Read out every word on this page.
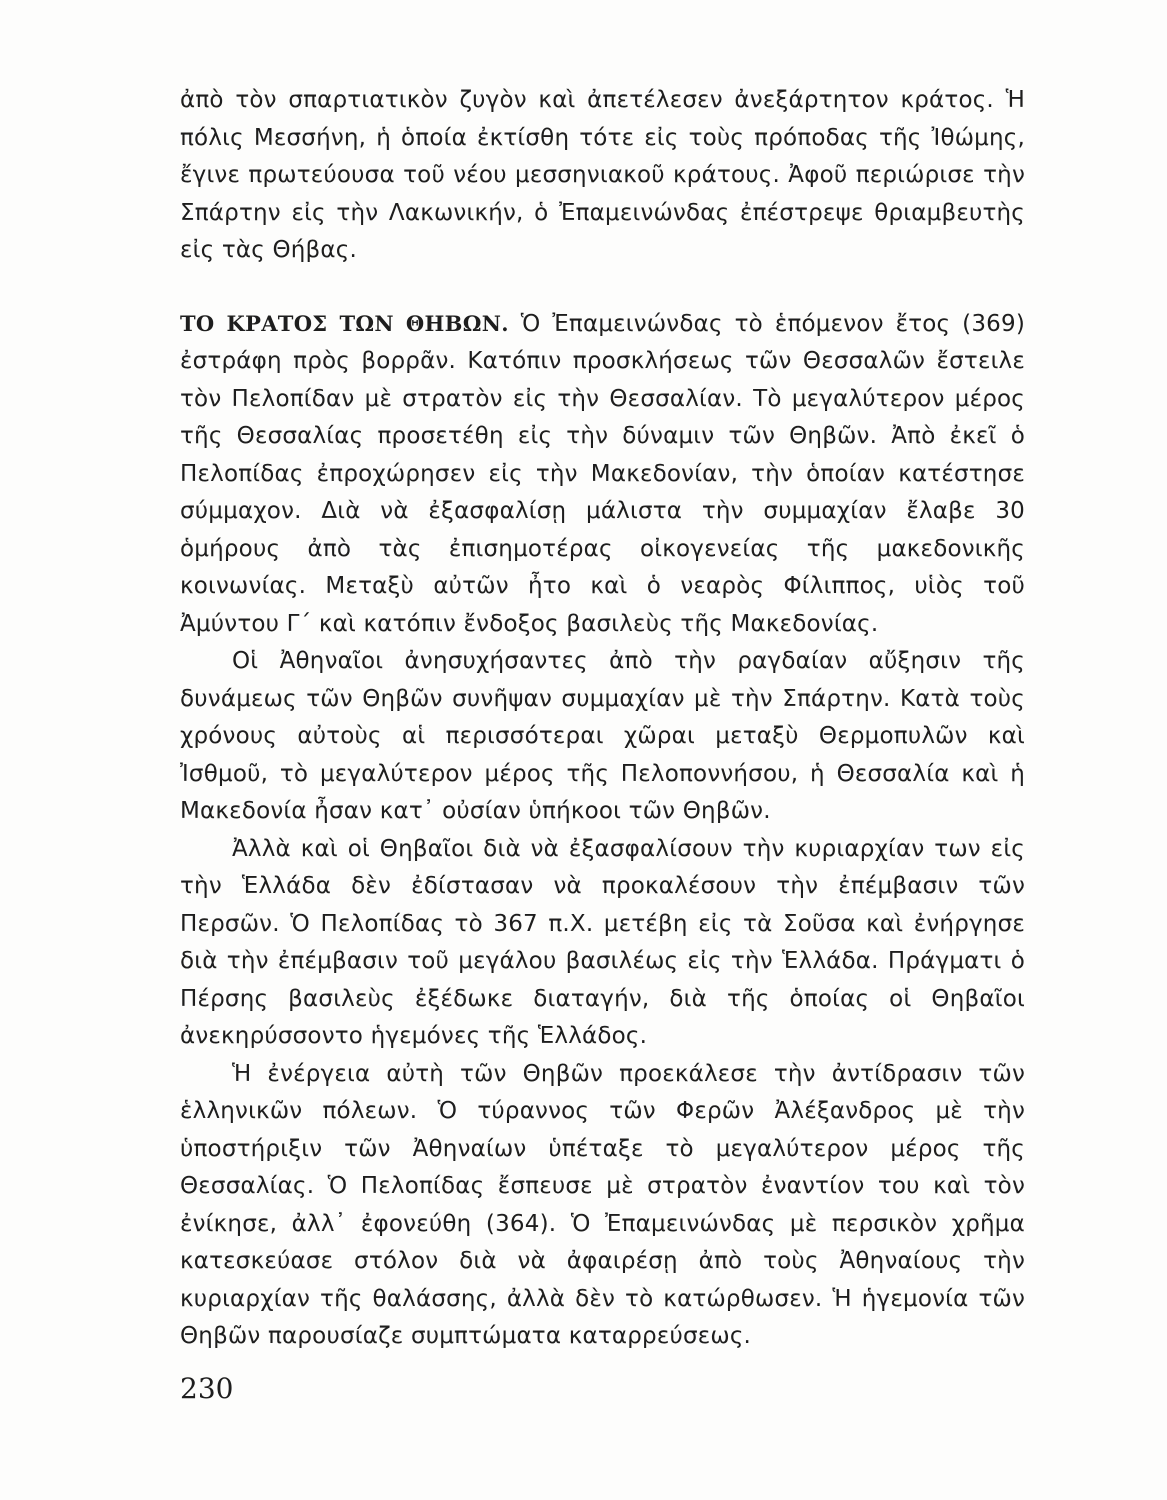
ἀπὸ τὸν σπαρτιατικὸν ζυγὸν καὶ ἀπετέλεσεν ἀνεξάρτητον κράτος. Ἡ πόλις Μεσσήνη, ἡ ὁποία ἐκτίσθη τότε εἰς τοὺς πρόποδας τῆς Ἰθώμης, ἔγινε πρωτεύουσα τοῦ νέου μεσσηνιακοῦ κράτους. Ἀφοῦ περιώρισε τὴν Σπάρτην εἰς τὴν Λακωνικήν, ὁ Ἐπαμεινώνδας ἐπέστρεψε θριαμβευτὴς εἰς τὰς Θήβας.

ΤΟ ΚΡΑΤΟΣ ΤΩΝ ΘΗΒΩΝ. Ὁ Ἐπαμεινώνδας τὸ ἑπόμενον ἔτος (369) ἐστράφη πρὸς βορρᾶν. Κατόπιν προσκλήσεως τῶν Θεσσαλῶν ἔστειλε τὸν Πελοπίδαν μὲ στρατὸν εἰς τὴν Θεσσαλίαν. Τὸ μεγαλύτερον μέρος τῆς Θεσσαλίας προσετέθη εἰς τὴν δύναμιν τῶν Θηβῶν. Ἀπὸ ἐκεῖ ὁ Πελοπίδας ἐπροχώρησεν εἰς τὴν Μακεδονίαν, τὴν ὁποίαν κατέστησε σύμμαχον. Διὰ νὰ ἐξασφαλίσῃ μάλιστα τὴν συμμαχίαν ἔλαβε 30 ὁμήρους ἀπὸ τὰς ἐπισημοτέρας οἰκογενείας τῆς μακεδονικῆς κοινωνίας. Μεταξὺ αὐτῶν ἦτο καὶ ὁ νεαρὸς Φίλιππος, υἱὸς τοῦ Ἀμύντου Γ΄ καὶ κατόπιν ἔνδοξος βασιλεὺς τῆς Μακεδονίας.

Οἱ Ἀθηναῖοι ἀνησυχήσαντες ἀπὸ τὴν ραγδαίαν αὔξησιν τῆς δυνάμεως τῶν Θηβῶν συνῆψαν συμμαχίαν μὲ τὴν Σπάρτην. Κατὰ τοὺς χρόνους αὐτοὺς αἱ περισσότεραι χῶραι μεταξὺ Θερμοπυλῶν καὶ Ἰσθμοῦ, τὸ μεγαλύτερον μέρος τῆς Πελοποννήσου, ἡ Θεσσαλία καὶ ἡ Μακεδονία ἦσαν κατ᾽ οὐσίαν ὑπήκοοι τῶν Θηβῶν.

Ἀλλὰ καὶ οἱ Θηβαῖοι διὰ νὰ ἐξασφαλίσουν τὴν κυριαρχίαν των εἰς τὴν Ἑλλάδα δὲν ἐδίστασαν νὰ προκαλέσουν τὴν ἐπέμβασιν τῶν Περσῶν. Ὁ Πελοπίδας τὸ 367 π.Χ. μετέβη εἰς τὰ Σοῦσα καὶ ἐνήργησε διὰ τὴν ἐπέμβασιν τοῦ μεγάλου βασιλέως εἰς τὴν Ἑλλάδα. Πράγματι ὁ Πέρσης βασιλεὺς ἐξέδωκε διαταγήν, διὰ τῆς ὁποίας οἱ Θηβαῖοι ἀνεκηρύσσοντο ἡγεμόνες τῆς Ἑλλάδος.

Ἡ ἐνέργεια αὐτὴ τῶν Θηβῶν προεκάλεσε τὴν ἀντίδρασιν τῶν ἑλληνικῶν πόλεων. Ὁ τύραννος τῶν Φερῶν Ἀλέξανδρος μὲ τὴν ὑποστήριξιν τῶν Ἀθηναίων ὑπέταξε τὸ μεγαλύτερον μέρος τῆς Θεσσαλίας. Ὁ Πελοπίδας ἔσπευσε μὲ στρατὸν ἐναντίον του καὶ τὸν ἐνίκησε, ἀλλ᾽ ἐφονεύθη (364). Ὁ Ἐπαμεινώνδας μὲ περσικὸν χρῆμα κατεσκεύασε στόλον διὰ νὰ ἀφαιρέσῃ ἀπὸ τοὺς Ἀθηναίους τὴν κυριαρχίαν τῆς θαλάσσης, ἀλλὰ δὲν τὸ κατώρθωσεν. Ἡ ἡγεμονία τῶν Θηβῶν παρουσίαζε συμπτώματα καταρρεύσεως.

230
